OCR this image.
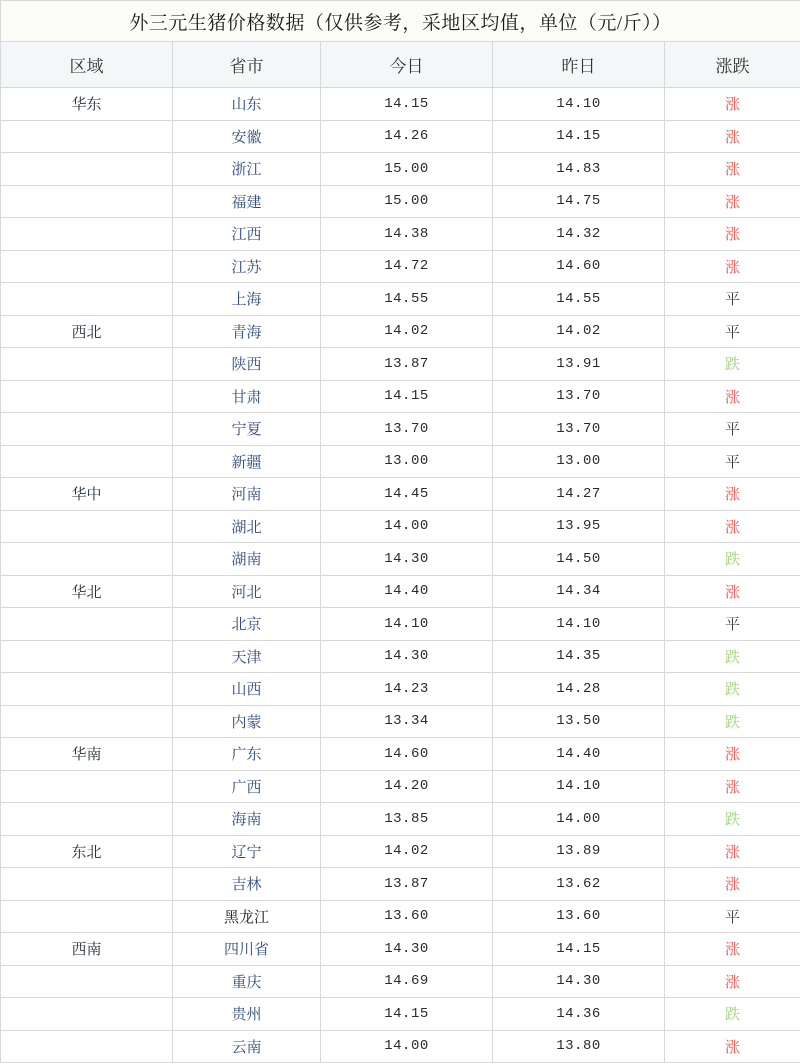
外三元生猪价格数据（仅供参考，采地区均值，单位（元/斤））				
区域	省市	今日	昨日	涨跌
华东	山东	14.15	14.10	涨
	安徽	14.26	14.15	涨
	浙江	15.00	14.83	涨
	福建	15.00	14.75	涨
	江西	14.38	14.32	涨
	江苏	14.72	14.60	涨
	上海	14.55	14.55	平
西北	青海	14.02	14.02	平
	陕西	13.87	13.91	跌
	甘肃	14.15	13.70	涨
	宁夏	13.70	13.70	平
	新疆	13.00	13.00	平
华中	河南	14.45	14.27	涨
	湖北	14.00	13.95	涨
	湖南	14.30	14.50	跌
华北	河北	14.40	14.34	涨
	北京	14.10	14.10	平
	天津	14.30	14.35	跌
	山西	14.23	14.28	跌
	内蒙	13.34	13.50	跌
华南	广东	14.60	14.40	涨
	广西	14.20	14.10	涨
	海南	13.85	14.00	跌
东北	辽宁	14.02	13.89	涨
	吉林	13.87	13.62	涨
	黑龙江	13.60	13.60	平
西南	四川省	14.30	14.15	涨
	重庆	14.69	14.30	涨
	贵州	14.15	14.36	跌
	云南	14.00	13.80	涨
